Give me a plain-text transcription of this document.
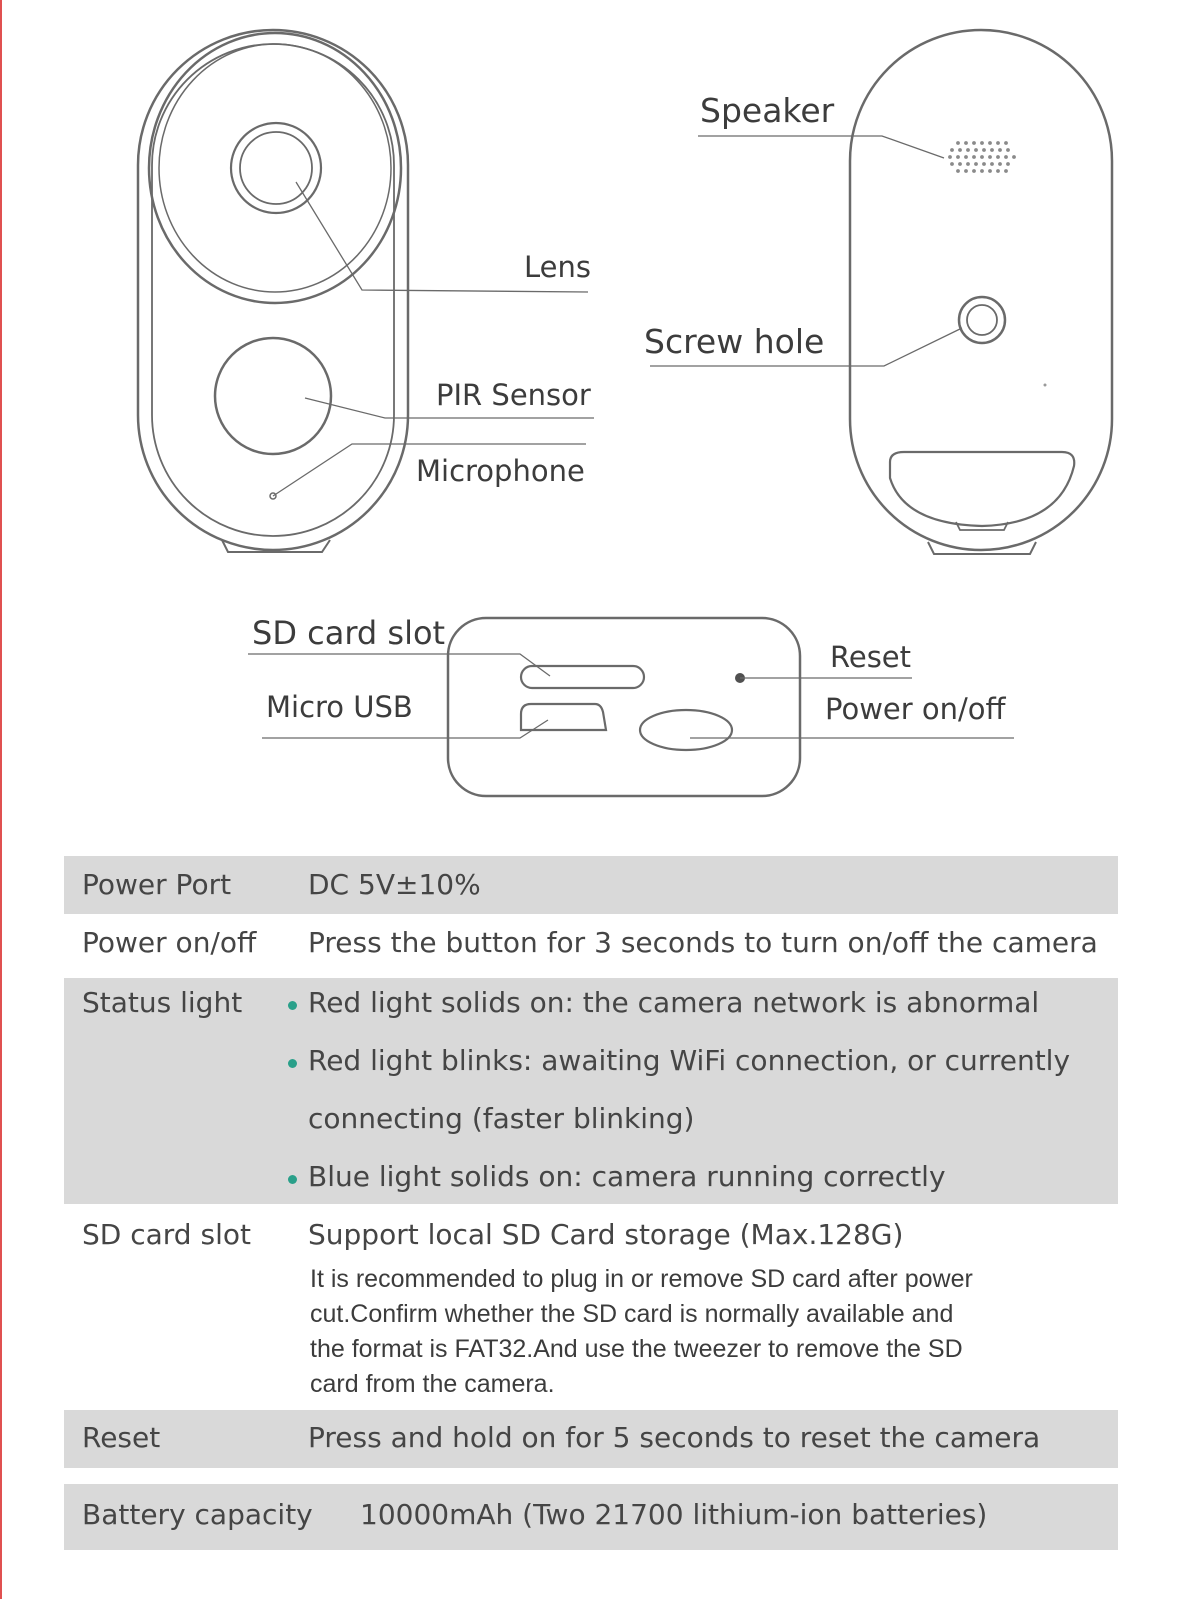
Lens
PIR Sensor
Microphone
Speaker
Screw hole
SD card slot
Micro USB
Reset
Power on/off
Power Port	DC 5V±10%
Power on/off Press the button for 3 seconds to turn on/off the camera
Status light Red light solids on: the camera network is abnormal
Red light blinks: awaiting WiFi connection, or currently
connecting (faster blinking)
Blue light solids on: camera running correctly
SD card slot Support local SD Card storage (Max.128G)
It is recommended to plug in or remove SD card after power
cut.Confirm whether the SD card is normally available and
the format is FAT32.And use the tweezer to remove the SD
card from the camera.
Reset	Press and hold on for 5 seconds to reset the camera
Battery capacity 10000mAh (Two 21700 lithium-ion batteries)
